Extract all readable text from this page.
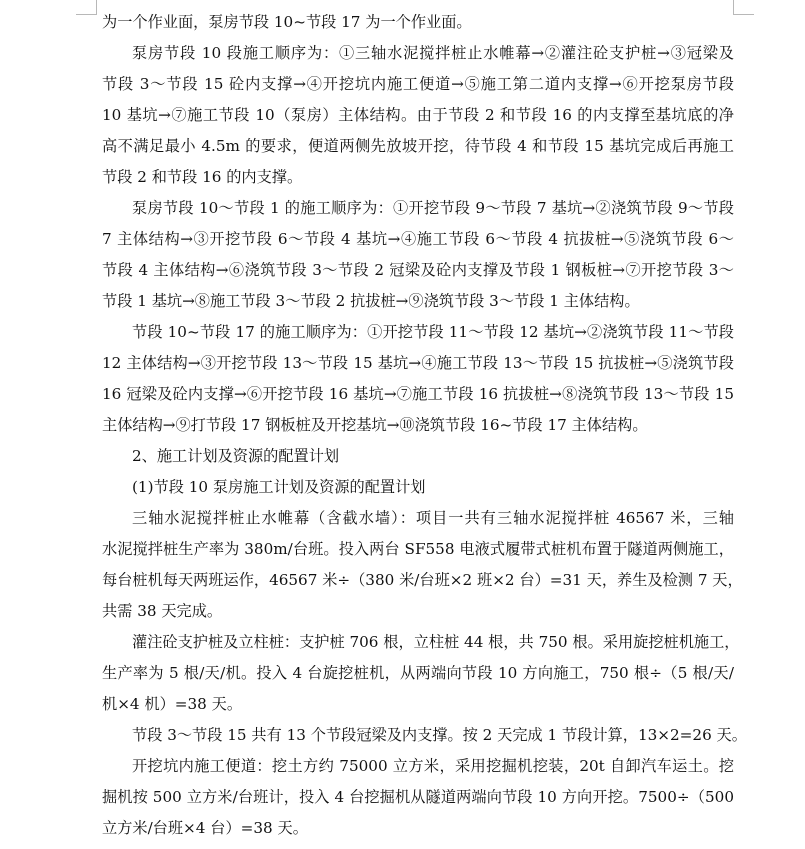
为一个作业面，泵房节段 10~节段 17 为一个作业面。
泵房节段 10 段施工顺序为：①三轴水泥搅拌桩止水帷幕→②灌注砼支护桩→③冠梁及
节段 3～节段 15 砼内支撑→④开挖坑内施工便道→⑤施工第二道内支撑→⑥开挖泵房节段
10 基坑→⑦施工节段 10（泵房）主体结构。由于节段 2 和节段 16 的内支撑至基坑底的净
高不满足最小 4.5m 的要求，便道两侧先放坡开挖，待节段 4 和节段 15 基坑完成后再施工
节段 2 和节段 16 的内支撑。
泵房节段 10～节段 1 的施工顺序为：①开挖节段 9～节段 7 基坑→②浇筑节段 9～节段
7 主体结构→③开挖节段 6～节段 4 基坑→④施工节段 6～节段 4 抗拔桩→⑤浇筑节段 6～
节段 4 主体结构→⑥浇筑节段 3～节段 2 冠梁及砼内支撑及节段 1 钢板桩→⑦开挖节段 3～
节段 1 基坑→⑧施工节段 3～节段 2 抗拔桩→⑨浇筑节段 3～节段 1 主体结构。
节段 10~节段 17 的施工顺序为：①开挖节段 11～节段 12 基坑→②浇筑节段 11～节段
12 主体结构→③开挖节段 13～节段 15 基坑→④施工节段 13～节段 15 抗拔桩→⑤浇筑节段
16 冠梁及砼内支撑→⑥开挖节段 16 基坑→⑦施工节段 16 抗拔桩→⑧浇筑节段 13～节段 15
主体结构→⑨打节段 17 钢板桩及开挖基坑→⑩浇筑节段 16~节段 17 主体结构。
2、施工计划及资源的配置计划
(1)节段 10 泵房施工计划及资源的配置计划
三轴水泥搅拌桩止水帷幕（含截水墙）：项目一共有三轴水泥搅拌桩 46567 米，三轴
水泥搅拌桩生产率为 380m/台班。投入两台 SF558 电液式履带式桩机布置于隧道两侧施工，
每台桩机每天两班运作，46567 米÷（380 米/台班×2 班×2 台）=31 天，养生及检测 7 天，
共需 38 天完成。
灌注砼支护桩及立柱桩：支护桩 706 根，立柱桩 44 根，共 750 根。采用旋挖桩机施工，
生产率为 5 根/天/机。投入 4 台旋挖桩机，从两端向节段 10 方向施工，750 根÷（5 根/天/
机×4 机）=38 天。
节段 3～节段 15 共有 13 个节段冠梁及内支撑。按 2 天完成 1 节段计算，13×2=26 天。
开挖坑内施工便道：挖土方约 75000 立方米，采用挖掘机挖装，20t 自卸汽车运土。挖
掘机按 500 立方米/台班计，投入 4 台挖掘机从隧道两端向节段 10 方向开挖。7500÷（500
立方米/台班×4 台）=38 天。
